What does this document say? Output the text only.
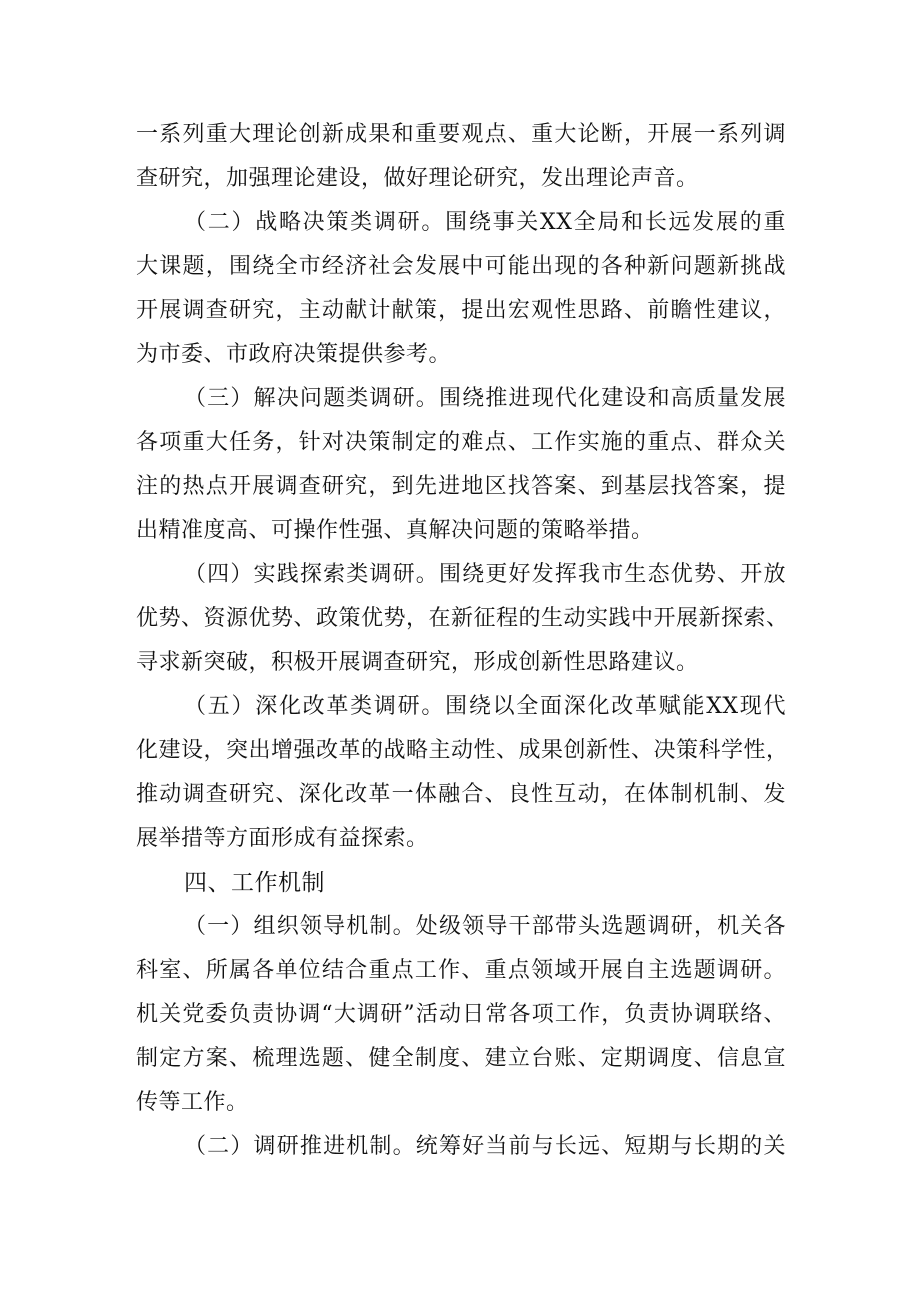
一系列重大理论创新成果和重要观点、重大论断，开展一系列调
查研究，加强理论建设，做好理论研究，发出理论声音。
（二）战略决策类调研。围绕事关XX全局和长远发展的重
大课题，围绕全市经济社会发展中可能出现的各种新问题新挑战
开展调查研究，主动献计献策，提出宏观性思路、前瞻性建议，
为市委、市政府决策提供参考。
（三）解决问题类调研。围绕推进现代化建设和高质量发展
各项重大任务，针对决策制定的难点、工作实施的重点、群众关
注的热点开展调查研究，到先进地区找答案、到基层找答案，提
出精准度高、可操作性强、真解决问题的策略举措。
（四）实践探索类调研。围绕更好发挥我市生态优势、开放
优势、资源优势、政策优势，在新征程的生动实践中开展新探索、
寻求新突破，积极开展调查研究，形成创新性思路建议。
（五）深化改革类调研。围绕以全面深化改革赋能XX现代
化建设，突出增强改革的战略主动性、成果创新性、决策科学性，
推动调查研究、深化改革一体融合、良性互动，在体制机制、发
展举措等方面形成有益探索。
四、工作机制
（一）组织领导机制。处级领导干部带头选题调研，机关各
科室、所属各单位结合重点工作、重点领域开展自主选题调研。
机关党委负责协调“大调研”活动日常各项工作，负责协调联络、
制定方案、梳理选题、健全制度、建立台账、定期调度、信息宣
传等工作。
（二）调研推进机制。统筹好当前与长远、短期与长期的关
